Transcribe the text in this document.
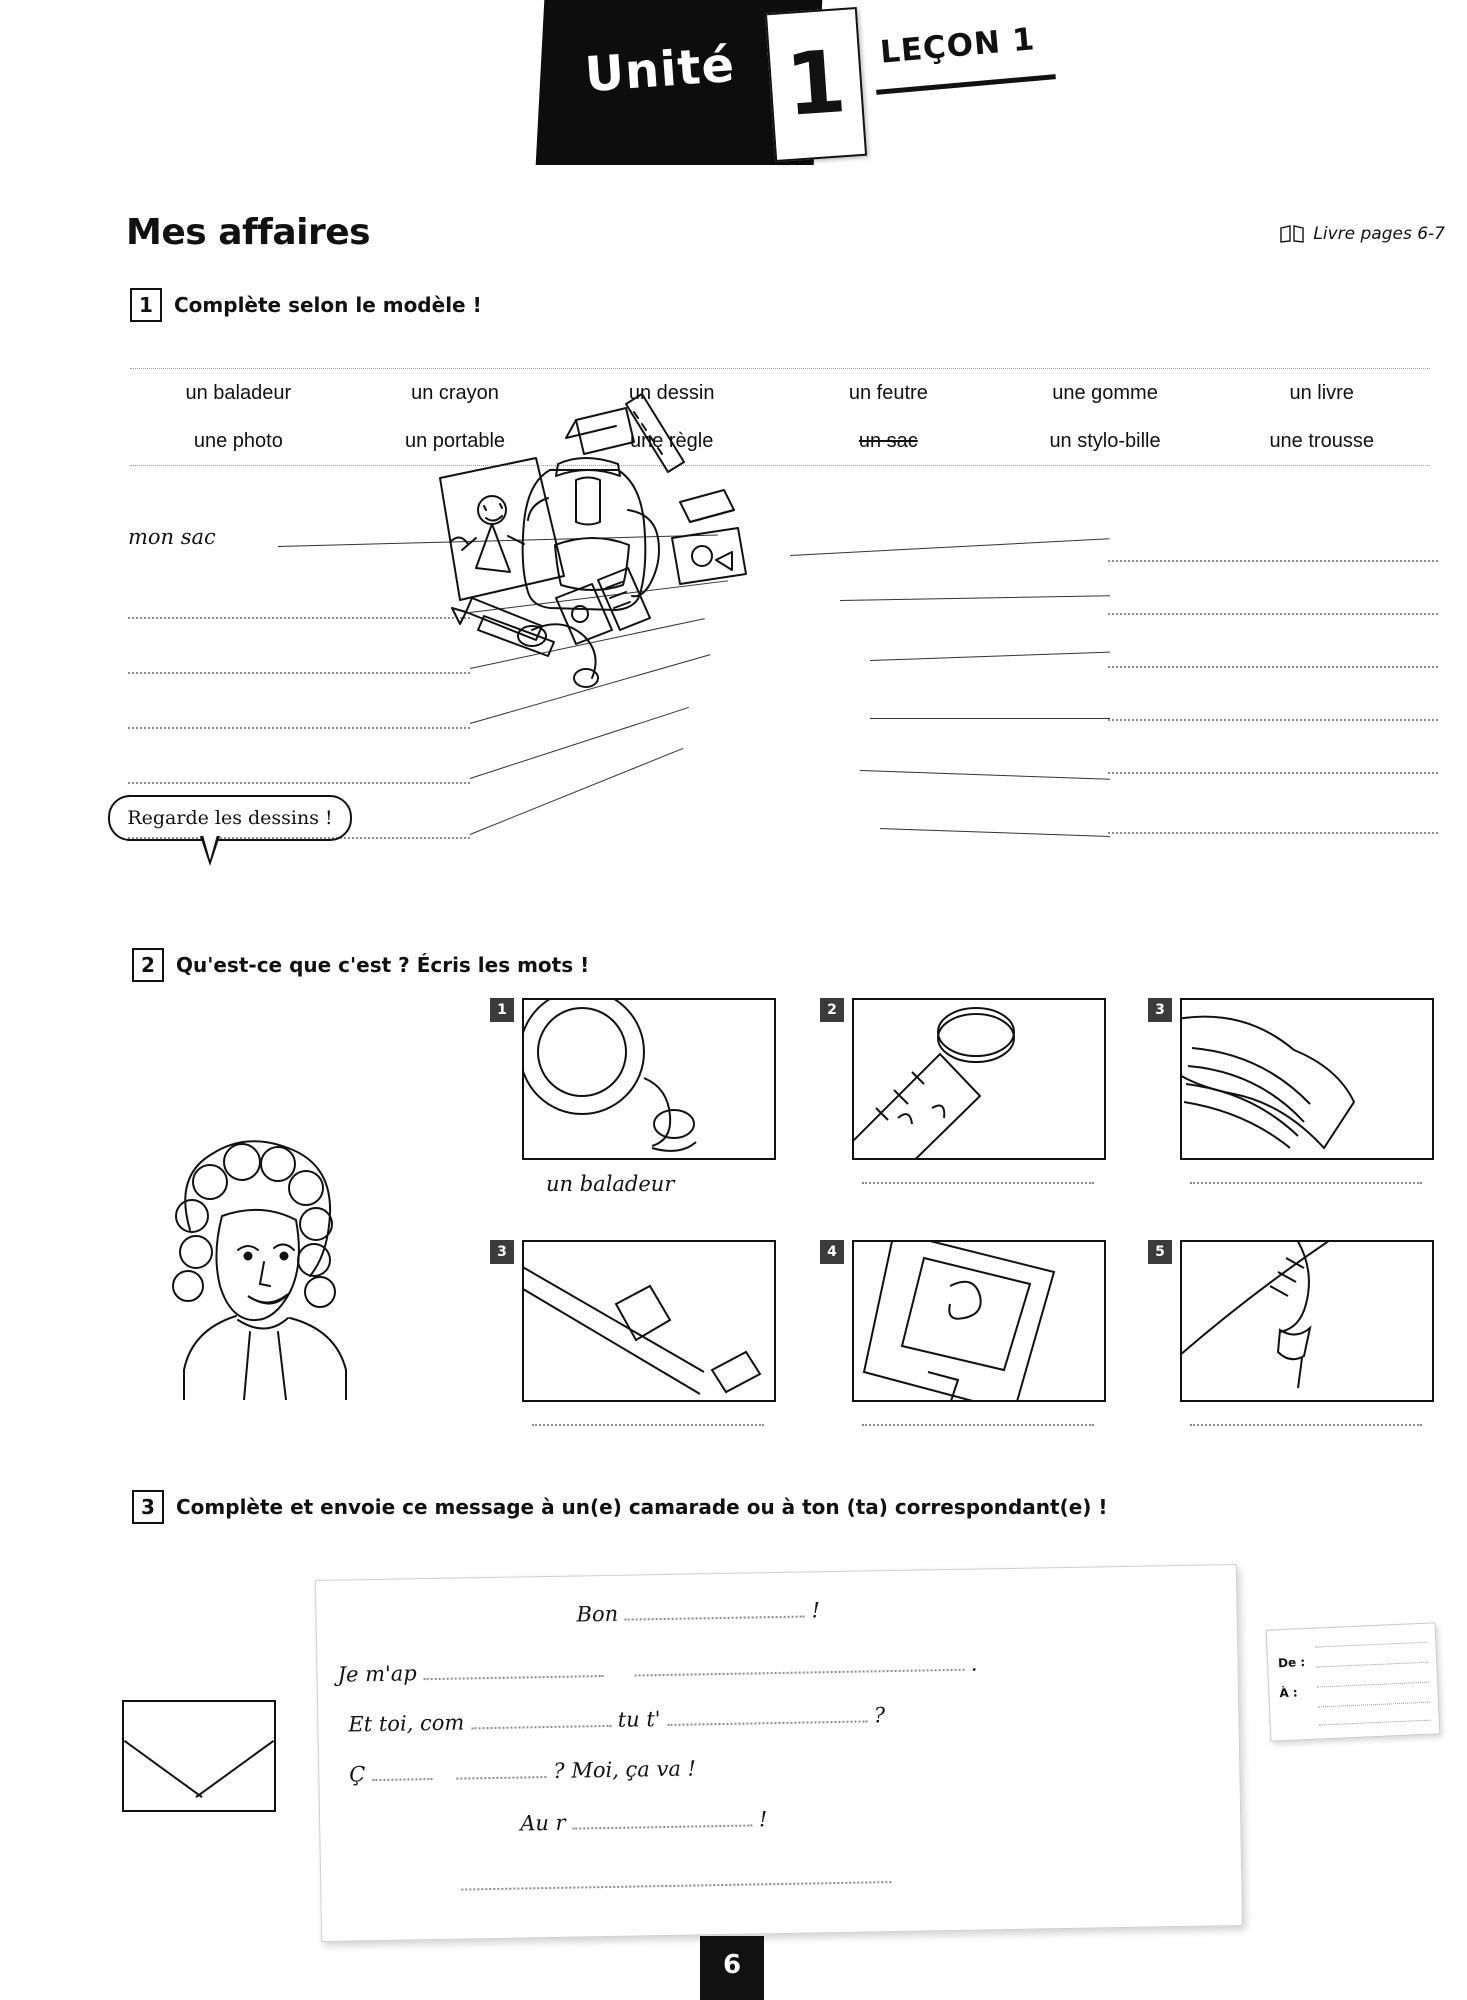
Unité 1 LEÇON 1
Mes affaires	Livre pages 6-7
1	Complète selon le modèle !
un baladeur	un crayon	un dessin	un feutre	une gomme	un livre
une photo	un portable	une règle	un sac	un stylo-bille	une trousse
mon sac
2	Qu'est-ce que c'est ? Écris les mots !
Regarde les dessins !
1
un baladeur
2	3
3	4	5
3	Complète et envoie ce message à un(e) camarade ou à ton (ta) correspondant(e) !
Bon	!
Je m'ap	.
Et toi, com	tu t'	?
Ç	? Moi, ça va !
Au r	!
De :
À :
6
